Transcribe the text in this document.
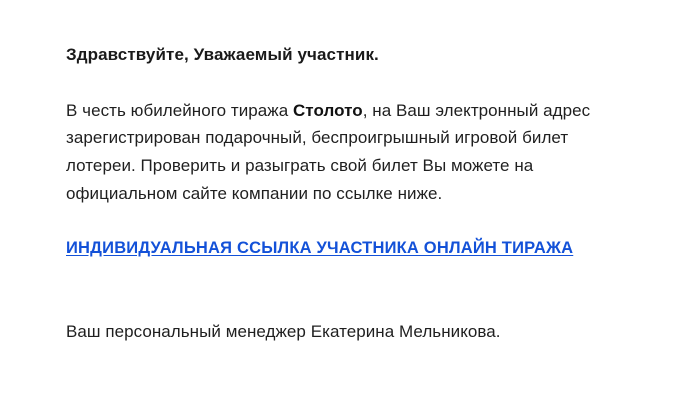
Здравствуйте, Уважаемый участник.

В честь юбилейного тиража Столото, на Ваш электронный адрес зарегистрирован подарочный, беспроигрышный игровой билет лотереи. Проверить и разыграть свой билет Вы можете на официальном сайте компании по ссылке ниже.

ИНДИВИДУАЛЬНАЯ ССЫЛКА УЧАСТНИКА ОНЛАЙН ТИРАЖА

Ваш персональный менеджер Екатерина Мельникова.
